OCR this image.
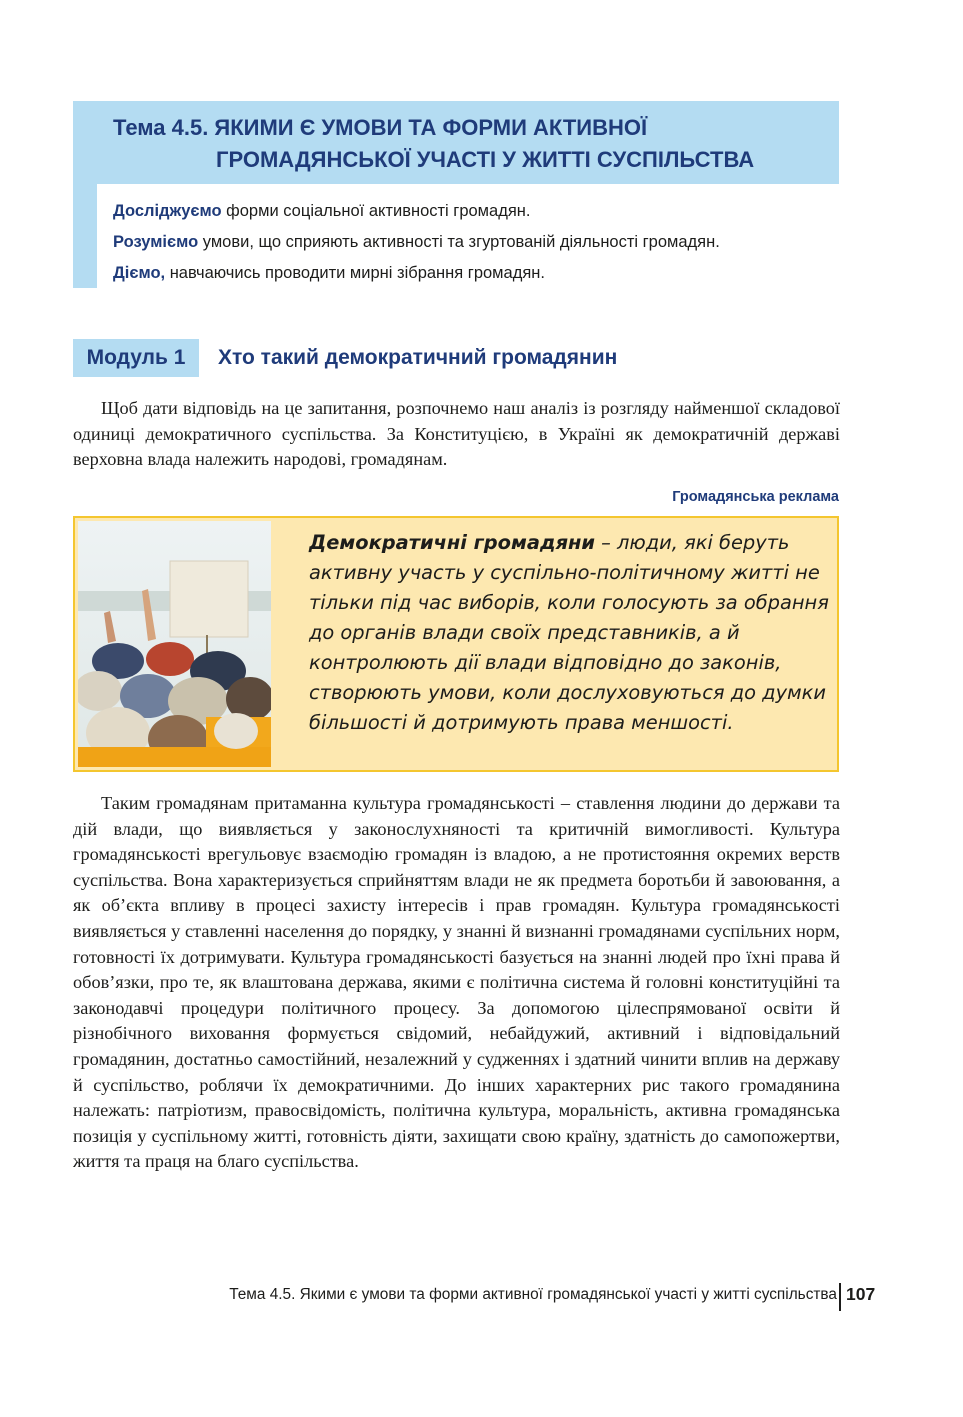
Тема 4.5. ЯКИМИ Є УМОВИ ТА ФОРМИ АКТИВНОЇ
ГРОМАДЯНСЬКОЇ УЧАСТІ У ЖИТТІ СУСПІЛЬСТВА
Досліджуємо форми соціальної активності громадян.
Розуміємо умови, що сприяють активності та згуртованій діяльності громадян.
Діємо, навчаючись проводити мирні зібрання громадян.
Модуль 1	Хто такий демократичний громадянин

Щоб дати відповідь на це запитання, розпочнемо наш аналіз із розгляду найменшої складової одиниці демократичного суспільства. За Конституцією, в Україні як демократичній державі верховна влада належить народові, громадянам.

Громадянська реклама
Демократичні громадяни – люди, які беруть активну участь у суспільно-політичному житті не тільки під час виборів, коли голосують за обрання до органів влади своїх представників, а й контролюють дії влади відповідно до законів, створюють умови, коли дослуховуються до думки більшості й дотримують права меншості.

Таким громадянам притаманна культура громадянськості – ставлення людини до держави та дій влади, що виявляється у законослухняності та критичній вимогливості. Культура громадянськості врегульовує взаємодію громадян із владою, а не протистояння окремих верств суспільства. Вона характеризується сприйняттям влади не як предмета боротьби й завоювання, а як об’єкта впливу в процесі захисту інтересів і прав громадян. Культура громадянськості виявляється у ставленні населення до порядку, у знанні й визнанні громадянами суспільних норм, готовності їх дотримувати. Культура громадянськості базується на знанні людей про їхні права й обов’язки, про те, як влаштована держава, якими є політична система й головні конституційні та законодавчі процедури політичного процесу. За допомогою цілеспрямованої освіти й різнобічного виховання формується свідомий, небайдужий, активний і відповідальний громадянин, достатньо самостійний, незалежний у судженнях і здатний чинити вплив на державу й суспільство, роблячи їх демократичними. До інших характерних рис такого громадянина належать: патріотизм, правосвідомість, політична культура, моральність, активна громадянська позиція у суспільному житті, готовність діяти, захищати свою країну, здатність до самопожертви, життя та праця на благо суспільства.

Тема 4.5. Якими є умови та форми активної громадянської участі у житті суспільства 107
